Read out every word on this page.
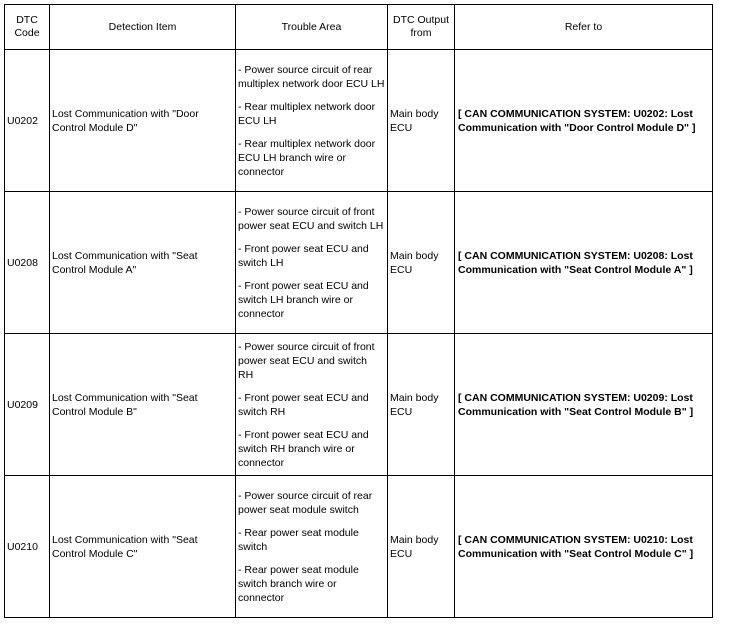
DTC Code	Detection Item	Trouble Area	DTC Output from	Refer to
U0202	Lost Communication with "Door Control Module D"	- Power source circuit of rear multiplex network door ECU LH
- Rear multiplex network door ECU LH
- Rear multiplex network door ECU LH branch wire or connector	Main body ECU	[ CAN COMMUNICATION SYSTEM: U0202: Lost Communication with "Door Control Module D" ]
U0208	Lost Communication with "Seat Control Module A"	- Power source circuit of front power seat ECU and switch LH
- Front power seat ECU and switch LH
- Front power seat ECU and switch LH branch wire or connector	Main body ECU	[ CAN COMMUNICATION SYSTEM: U0208: Lost Communication with "Seat Control Module A" ]
U0209	Lost Communication with "Seat Control Module B"	- Power source circuit of front power seat ECU and switch RH
- Front power seat ECU and switch RH
- Front power seat ECU and switch RH branch wire or connector	Main body ECU	[ CAN COMMUNICATION SYSTEM: U0209: Lost Communication with "Seat Control Module B" ]
U0210	Lost Communication with "Seat Control Module C"	- Power source circuit of rear power seat module switch
- Rear power seat module switch
- Rear power seat module switch branch wire or connector	Main body ECU	[ CAN COMMUNICATION SYSTEM: U0210: Lost Communication with "Seat Control Module C" ]
